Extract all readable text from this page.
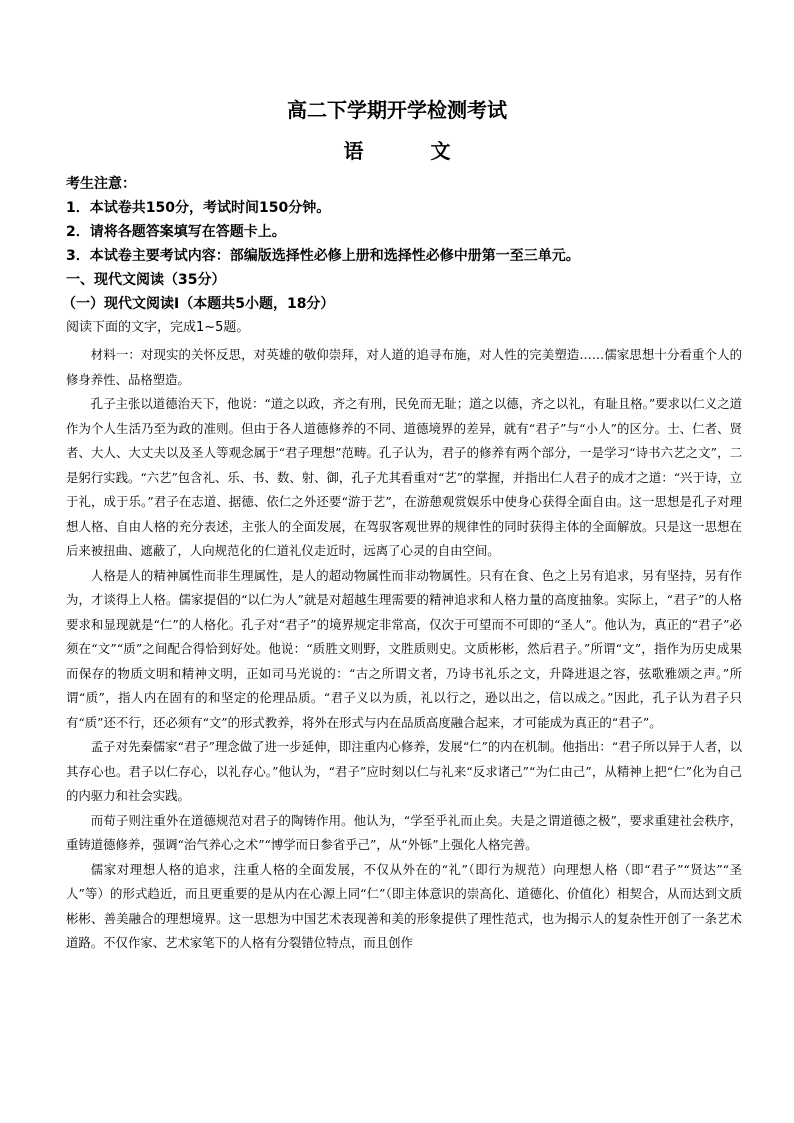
高二下学期开学检测考试
语 文
考生注意：
1．本试卷共150分，考试时间150分钟。
2．请将各题答案填写在答题卡上。
3．本试卷主要考试内容：部编版选择性必修上册和选择性必修中册第一至三单元。
一、现代文阅读（35分）
（一）现代文阅读Ⅰ（本题共5小题，18分）
阅读下面的文字，完成1~5题。

材料一：对现实的关怀反思，对英雄的敬仰崇拜，对人道的追寻布施，对人性的完美塑造……儒家思想十分看重个人的修身养性、品格塑造。

孔子主张以道德治天下，他说：“道之以政，齐之有刑，民免而无耻；道之以德，齐之以礼，有耻且格。”要求以仁义之道作为个人生活乃至为政的准则。但由于各人道德修养的不同、道德境界的差异，就有“君子”与“小人”的区分。士、仁者、贤者、大人、大丈夫以及圣人等观念属于“君子理想”范畴。孔子认为，君子的修养有两个部分，一是学习“诗书六艺之文”，二是躬行实践。“六艺”包含礼、乐、书、数、射、御，孔子尤其看重对“艺”的掌握，并指出仁人君子的成才之道：“兴于诗，立于礼，成于乐。”君子在志道、据德、依仁之外还要“游于艺”，在游憩观赏娱乐中使身心获得全面自由。这一思想是孔子对理想人格、自由人格的充分表述，主张人的全面发展，在驾驭客观世界的规律性的同时获得主体的全面解放。只是这一思想在后来被扭曲、遮蔽了，人向规范化的仁道礼仪走近时，远离了心灵的自由空间。

人格是人的精神属性而非生理属性，是人的超动物属性而非动物属性。只有在食、色之上另有追求，另有坚持，另有作为，才谈得上人格。儒家提倡的“以仁为人”就是对超越生理需要的精神追求和人格力量的高度抽象。实际上，“君子”的人格要求和显现就是“仁”的人格化。孔子对“君子”的境界规定非常高，仅次于可望而不可即的“圣人”。他认为，真正的“君子”必须在“文”“质”之间配合得恰到好处。他说：“质胜文则野，文胜质则史。文质彬彬，然后君子。”所谓“文”，指作为历史成果而保存的物质文明和精神文明，正如司马光说的：“古之所谓文者，乃诗书礼乐之文，升降进退之容，弦歌雅颂之声。”所谓“质”，指人内在固有的和坚定的伦理品质。“君子义以为质，礼以行之，逊以出之，信以成之。”因此，孔子认为君子只有“质”还不行，还必须有“文”的形式教养，将外在形式与内在品质高度融合起来，才可能成为真正的“君子”。

孟子对先秦儒家“君子”理念做了进一步延伸，即注重内心修养，发展“仁”的内在机制。他指出：“君子所以异于人者，以其存心也。君子以仁存心，以礼存心。”他认为，“君子”应时刻以仁与礼来“反求诸己”“为仁由己”，从精神上把“仁”化为自己的内驱力和社会实践。

而荀子则注重外在道德规范对君子的陶铸作用。他认为，“学至乎礼而止矣。夫是之谓道德之极”，要求重建社会秩序，重铸道德修养，强调“治气养心之术”“博学而日参省乎己”，从“外铄”上强化人格完善。

儒家对理想人格的追求，注重人格的全面发展，不仅从外在的“礼”（即行为规范）向理想人格（即“君子”“贤达”“圣人”等）的形式趋近，而且更重要的是从内在心源上同“仁”（即主体意识的崇高化、道德化、价值化）相契合，从而达到文质彬彬、善美融合的理想境界。这一思想为中国艺术表现善和美的形象提供了理性范式，也为揭示人的复杂性开创了一条艺术道路。不仅作家、艺术家笔下的人格有分裂错位特点，而且创作
